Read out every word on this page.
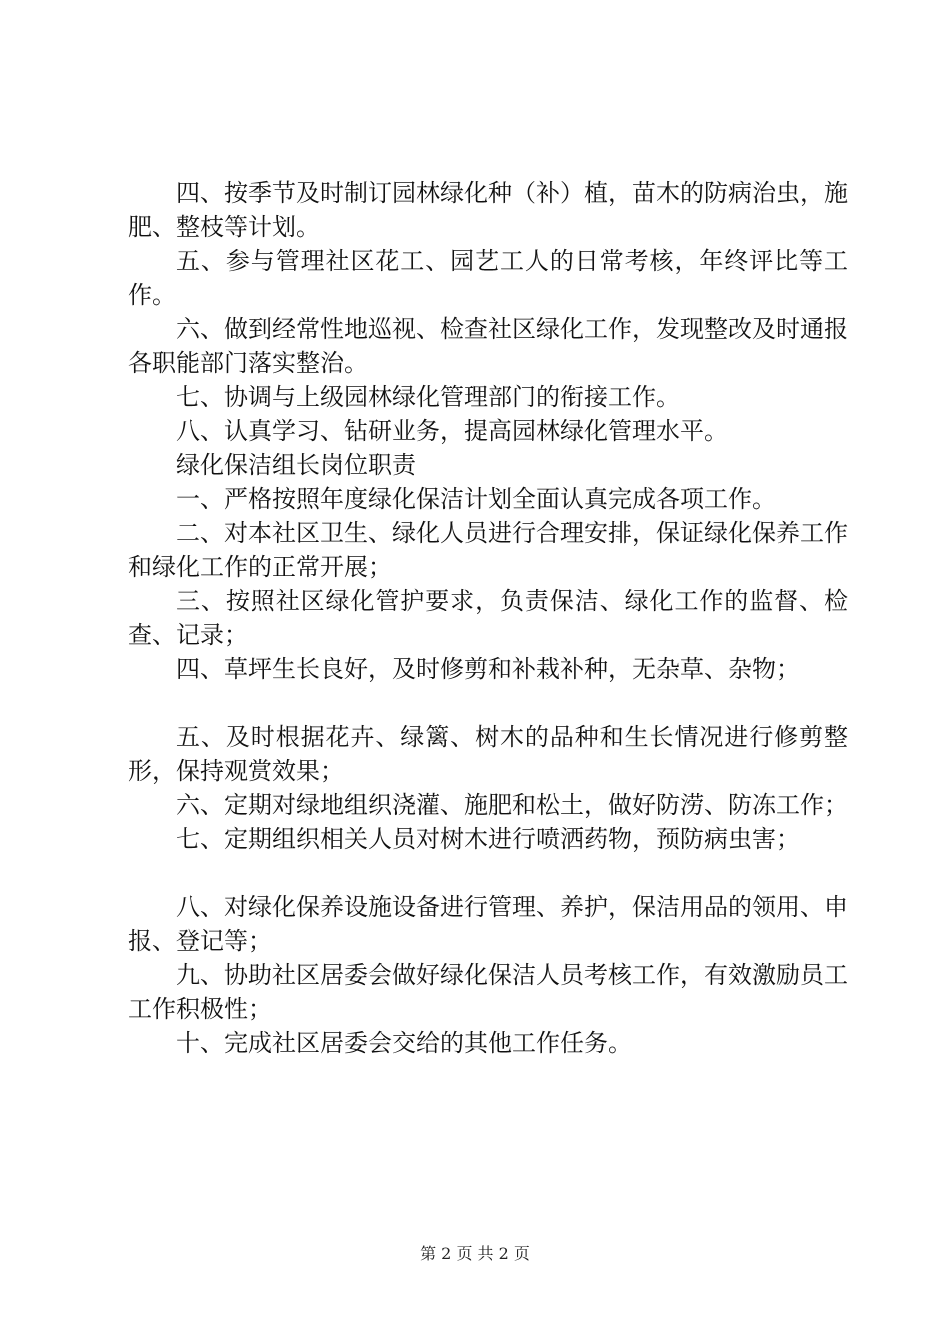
四、按季节及时制订园林绿化种（补）植，苗木的防病治虫，施肥、整枝等计划。

五、参与管理社区花工、园艺工人的日常考核，年终评比等工作。

六、做到经常性地巡视、检查社区绿化工作，发现整改及时通报各职能部门落实整治。

七、协调与上级园林绿化管理部门的衔接工作。

八、认真学习、钻研业务，提高园林绿化管理水平。

绿化保洁组长岗位职责

一、严格按照年度绿化保洁计划全面认真完成各项工作。

二、对本社区卫生、绿化人员进行合理安排，保证绿化保养工作和绿化工作的正常开展；

三、按照社区绿化管护要求，负责保洁、绿化工作的监督、检查、记录；

四、草坪生长良好，及时修剪和补栽补种，无杂草、杂物；

五、及时根据花卉、绿篱、树木的品种和生长情况进行修剪整形，保持观赏效果；

六、定期对绿地组织浇灌、施肥和松土，做好防涝、防冻工作；

七、定期组织相关人员对树木进行喷洒药物，预防病虫害；

八、对绿化保养设施设备进行管理、养护，保洁用品的领用、申报、登记等；

九、协助社区居委会做好绿化保洁人员考核工作，有效激励员工工作积极性；

十、完成社区居委会交给的其他工作任务。

第 2 页 共 2 页
